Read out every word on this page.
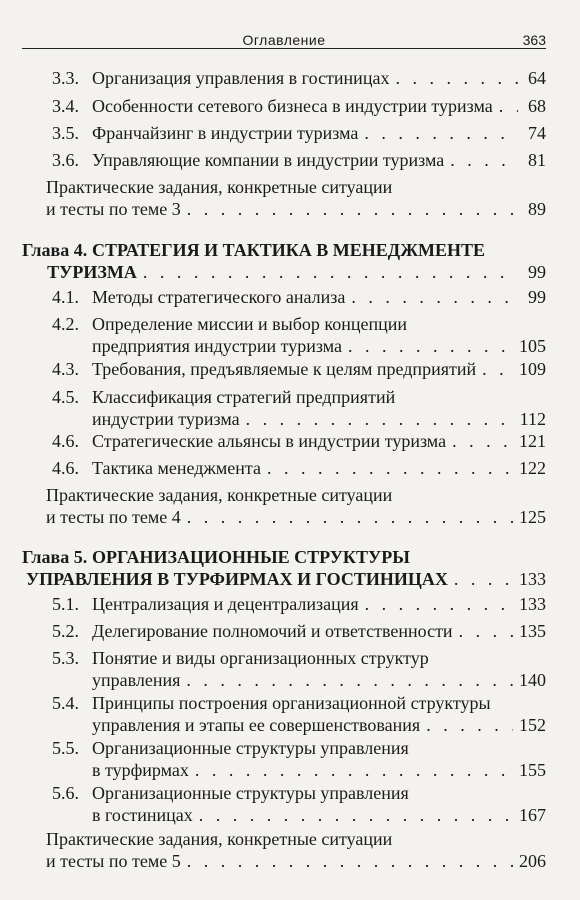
Оглавление	363
3.3. Организация управления в гостиницах . . .	64
3.4. Особенности сетевого бизнеса в индустрии туризма . . . 68
3.5. Франчайзинг в индустрии туризма . . .	74
3.6. Управляющие компании в индустрии туризма . . .	81
Практические задания, конкретные ситуации
и тесты по теме 3 . . .	89
Глава 4. СТРАТЕГИЯ И ТАКТИКА В МЕНЕДЖМЕНТЕ
ТУРИЗМА . . .	99
4.1. Методы стратегического анализа . . .	99
4.2. Определение миссии и выбор концепции
предприятия индустрии туризма . . .	105
4.3. Требования, предъявляемые к целям предприятий . . . 109
4.5. Классификация стратегий предприятий
индустрии туризма . . .	112
4.6. Стратегические альянсы в индустрии туризма . . .	121
4.6. Тактика менеджмента . . .	122
Практические задания, конкретные ситуации
и тесты по теме 4 . . .	125
Глава 5. ОРГАНИЗАЦИОННЫЕ СТРУКТУРЫ
УПРАВЛЕНИЯ В ТУРФИРМАХ И ГОСТИНИЦАХ . . .	133
5.1. Централизация и децентрализация . . .	133
5.2. Делегирование полномочий и ответственности . . .	135
5.3. Понятие и виды организационных структур
управления . . .	140
5.4. Принципы построения организационной структуры
управления и этапы ее совершенствования . . .	152
5.5. Организационные структуры управления
в турфирмах . . .	155
5.6. Организационные структуры управления
в гостиницах . . .	167
Практические задания, конкретные ситуации
и тесты по теме 5 . . .	206
